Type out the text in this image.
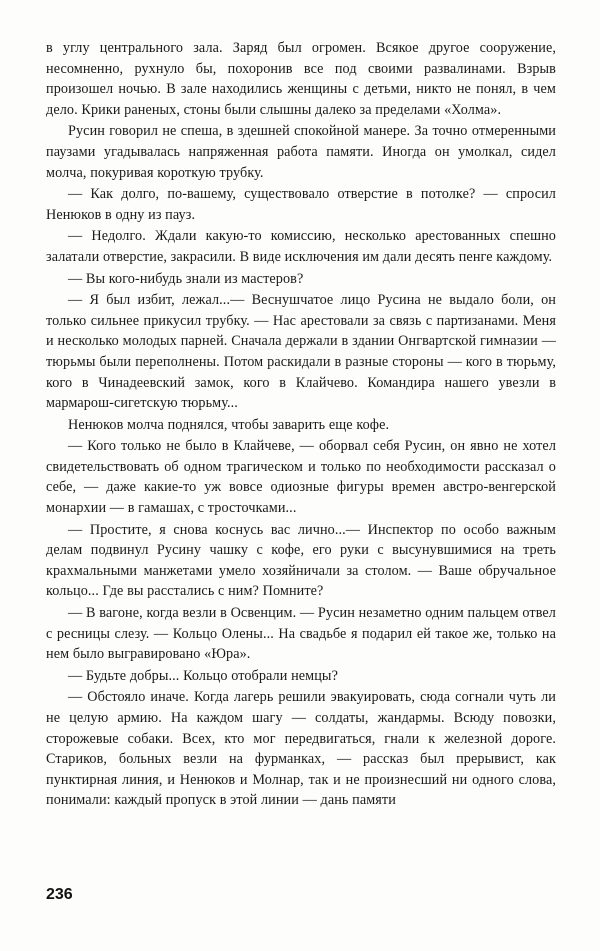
в углу центрального зала. Заряд был огромен. Всякое другое сооружение, несомненно, рухнуло бы, похоронив все под своими развалинами. Взрыв произошел ночью. В зале находились женщины с детьми, никто не понял, в чем дело. Крики раненых, стоны были слышны далеко за пределами «Холма».

Русин говорил не спеша, в здешней спокойной манере. За точно отмеренными паузами угадывалась напряженная работа памяти. Иногда он умолкал, сидел молча, покуривая короткую трубку.

— Как долго, по-вашему, существовало отверстие в потолке? — спросил Ненюков в одну из пауз.

— Недолго. Ждали какую-то комиссию, несколько арестованных спешно залатали отверстие, закрасили. В виде исключения им дали десять пенге каждому.

— Вы кого-нибудь знали из мастеров?

— Я был избит, лежал...— Веснушчатое лицо Русина не выдало боли, он только сильнее прикусил трубку. — Нас арестовали за связь с партизанами. Меня и несколько молодых парней. Сначала держали в здании Онгвартской гимназии — тюрьмы были переполнены. Потом раскидали в разные стороны — кого в тюрьму, кого в Чинадеевский замок, кого в Клайчево. Командира нашего увезли в мармарош-сигетскую тюрьму...

Ненюков молча поднялся, чтобы заварить еще кофе.

— Кого только не было в Клайчеве, — оборвал себя Русин, он явно не хотел свидетельствовать об одном трагическом и только по необходимости рассказал о себе, — даже какие-то уж вовсе одиозные фигуры времен австро-венгерской монархии — в гамашах, с тросточками...

— Простите, я снова коснусь вас лично...— Инспектор по особо важным делам подвинул Русину чашку с кофе, его руки с высунувшимися на треть крахмальными манжетами умело хозяйничали за столом. — Ваше обручальное кольцо... Где вы расстались с ним? Помните?

— В вагоне, когда везли в Освенцим. — Русин незаметно одним пальцем отвел с ресницы слезу. — Кольцо Олены... На свадьбе я подарил ей такое же, только на нем было выгравировано «Юра».

— Будьте добры... Кольцо отобрали немцы?

— Обстояло иначе. Когда лагерь решили эвакуировать, сюда согнали чуть ли не целую армию. На каждом шагу — солдаты, жандармы. Всюду повозки, сторожевые собаки. Всех, кто мог передвигаться, гнали к железной дороге. Стариков, больных везли на фурманках, — рассказ был прерывист, как пунктирная линия, и Ненюков и Молнар, так и не произнесший ни одного слова, понимали: каждый пропуск в этой линии — дань памяти

236
